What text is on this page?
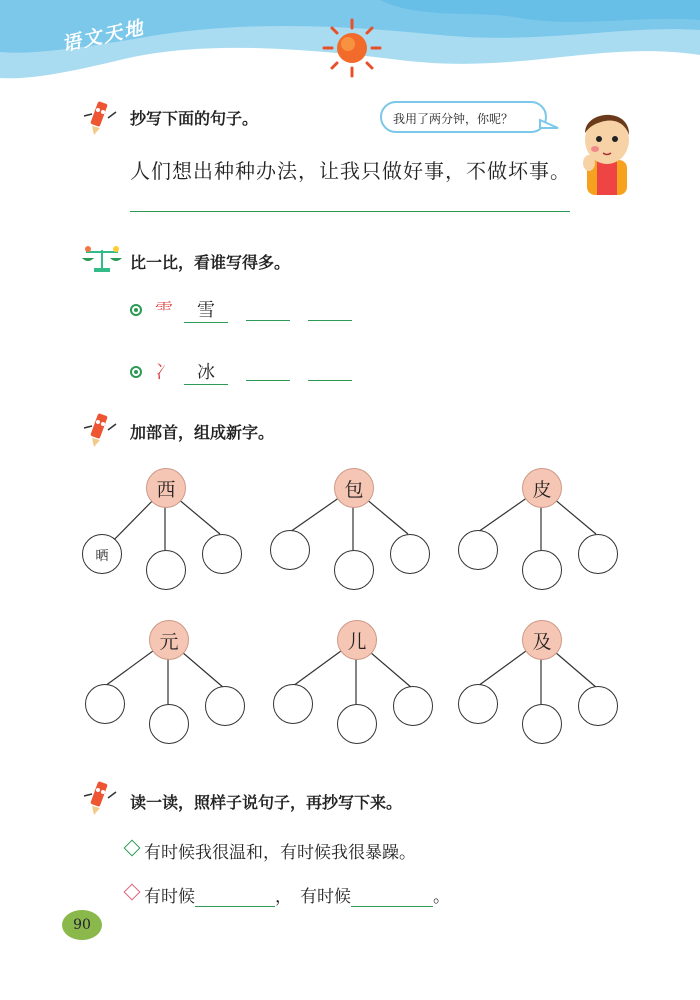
语文天地
抄写下面的句子。	我用了两分钟，你呢？
人们想出种种办法，让我只做好事，不做坏事。
比一比，看谁写得多。
⻗	雪
冫	冰
加部首，组成新字。
西
晒
包	皮
元	儿	及
读一读，照样子说句子，再抄写下来。
有时候我很温和，有时候我很暴躁。
有时候	， 有时候	。
90
